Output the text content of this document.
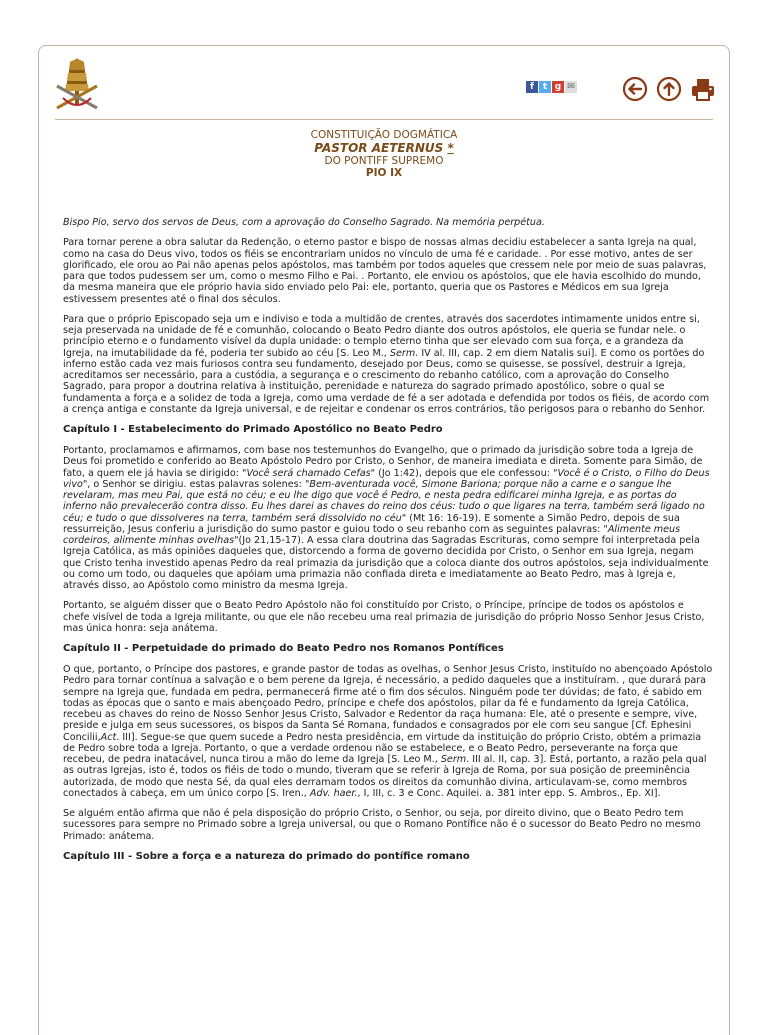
f t g ✉
CONSTITUIÇÃO DOGMÁTICA
PASTOR AETERNUS *
DO PONTIFF SUPREMO
PIO IX

Bispo Pio, servo dos servos de Deus, com a aprovação do Conselho Sagrado. Na memória perpétua.

Para tornar perene a obra salutar da Redenção, o eterno pastor e bispo de nossas almas decidiu estabelecer a santa Igreja na qual, como na casa do Deus vivo, todos os fiéis se encontrariam unidos no vínculo de uma fé e caridade. . Por esse motivo, antes de ser glorificado, ele orou ao Pai não apenas pelos apóstolos, mas também por todos aqueles que cressem nele por meio de suas palavras, para que todos pudessem ser um, como o mesmo Filho e Pai. . Portanto, ele enviou os apóstolos, que ele havia escolhido do mundo, da mesma maneira que ele próprio havia sido enviado pelo Pai: ele, portanto, queria que os Pastores e Médicos em sua Igreja estivessem presentes até o final dos séculos.

Para que o próprio Episcopado seja um e indiviso e toda a multidão de crentes, através dos sacerdotes intimamente unidos entre si, seja preservada na unidade de fé e comunhão, colocando o Beato Pedro diante dos outros apóstolos, ele queria se fundar nele. o princípio eterno e o fundamento visível da dupla unidade: o templo eterno tinha que ser elevado com sua força, e a grandeza da Igreja, na imutabilidade da fé, poderia ter subido ao céu [S. Leo M., Serm. IV al. III, cap. 2 em diem Natalis sui]. E como os portões do inferno estão cada vez mais furiosos contra seu fundamento, desejado por Deus, como se quisesse, se possível, destruir a Igreja, acreditamos ser necessário, para a custódia, a segurança e o crescimento do rebanho católico, com a aprovação do Conselho Sagrado, para propor a doutrina relativa à instituição, perenidade e natureza do sagrado primado apostólico, sobre o qual se fundamenta a força e a solidez de toda a Igreja, como uma verdade de fé a ser adotada e defendida por todos os fiéis, de acordo com a crença antiga e constante da Igreja universal, e de rejeitar e condenar os erros contrários, tão perigosos para o rebanho do Senhor.

Capítulo I - Estabelecimento do Primado Apostólico no Beato Pedro

Portanto, proclamamos e afirmamos, com base nos testemunhos do Evangelho, que o primado da jurisdição sobre toda a Igreja de Deus foi prometido e conferido ao Beato Apóstolo Pedro por Cristo, o Senhor, de maneira imediata e direta. Somente para Simão, de fato, a quem ele já havia se dirigido: "Você será chamado Cefas" (Jo 1:42), depois que ele confessou: "Você é o Cristo, o Filho do Deus vivo", o Senhor se dirigiu. estas palavras solenes: "Bem-aventurada você, Simone Bariona; porque não a carne e o sangue lhe revelaram, mas meu Pai, que está no céu; e eu lhe digo que você é Pedro, e nesta pedra edificarei minha Igreja, e as portas do inferno não prevalecerão contra disso. Eu lhes darei as chaves do reino dos céus: tudo o que ligares na terra, também será ligado no céu; e tudo o que dissolveres na terra, também será dissolvido no céu" (Mt 16: 16-19). E somente a Simão Pedro, depois de sua ressurreição, Jesus conferiu a jurisdição do sumo pastor e guiou todo o seu rebanho com as seguintes palavras: "Alimente meus cordeiros, alimente minhas ovelhas"(Jo 21,15-17). A essa clara doutrina das Sagradas Escrituras, como sempre foi interpretada pela Igreja Católica, as más opiniões daqueles que, distorcendo a forma de governo decidida por Cristo, o Senhor em sua Igreja, negam que Cristo tenha investido apenas Pedro da real primazia da jurisdição que a coloca diante dos outros apóstolos, seja individualmente ou como um todo, ou daqueles que apóiam uma primazia não confiada direta e imediatamente ao Beato Pedro, mas à Igreja e, através disso, ao Apóstolo como ministro da mesma Igreja.

Portanto, se alguém disser que o Beato Pedro Apóstolo não foi constituído por Cristo, o Príncipe, príncipe de todos os apóstolos e chefe visível de toda a Igreja militante, ou que ele não recebeu uma real primazia de jurisdição do próprio Nosso Senhor Jesus Cristo, mas única honra: seja anátema.

Capítulo II - Perpetuidade do primado do Beato Pedro nos Romanos Pontífices

O que, portanto, o Príncipe dos pastores, e grande pastor de todas as ovelhas, o Senhor Jesus Cristo, instituído no abençoado Apóstolo Pedro para tornar contínua a salvação e o bem perene da Igreja, é necessário, a pedido daqueles que a instituíram. , que durará para sempre na Igreja que, fundada em pedra, permanecerá firme até o fim dos séculos. Ninguém pode ter dúvidas; de fato, é sabido em todas as épocas que o santo e mais abençoado Pedro, príncipe e chefe dos apóstolos, pilar da fé e fundamento da Igreja Católica, recebeu as chaves do reino de Nosso Senhor Jesus Cristo, Salvador e Redentor da raça humana: Ele, até o presente e sempre, vive, preside e julga em seus sucessores, os bispos da Santa Sé Romana, fundados e consagrados por ele com seu sangue [Cf. Ephesini Concilii,Act. III]. Segue-se que quem sucede a Pedro nesta presidência, em virtude da instituição do próprio Cristo, obtém a primazia de Pedro sobre toda a Igreja. Portanto, o que a verdade ordenou não se estabelece, e o Beato Pedro, perseverante na força que recebeu, de pedra inatacável, nunca tirou a mão do leme da Igreja [S. Leo M., Serm. III al. II, cap. 3]. Está, portanto, a razão pela qual as outras Igrejas, isto é, todos os fiéis de todo o mundo, tiveram que se referir à Igreja de Roma, por sua posição de preeminência autorizada, de modo que nesta Sé, da qual eles derramam todos os direitos da comunhão divina, articulavam-se, como membros conectados à cabeça, em um único corpo [S. Iren., Adv. haer., I, III, c. 3 e Conc. Aquilei. a. 381 inter epp. S. Ambros., Ep. XI].

Se alguém então afirma que não é pela disposição do próprio Cristo, o Senhor, ou seja, por direito divino, que o Beato Pedro tem sucessores para sempre no Primado sobre a Igreja universal, ou que o Romano Pontífice não é o sucessor do Beato Pedro no mesmo Primado: anátema.

Capítulo III - Sobre a força e a natureza do primado do pontífice romano
